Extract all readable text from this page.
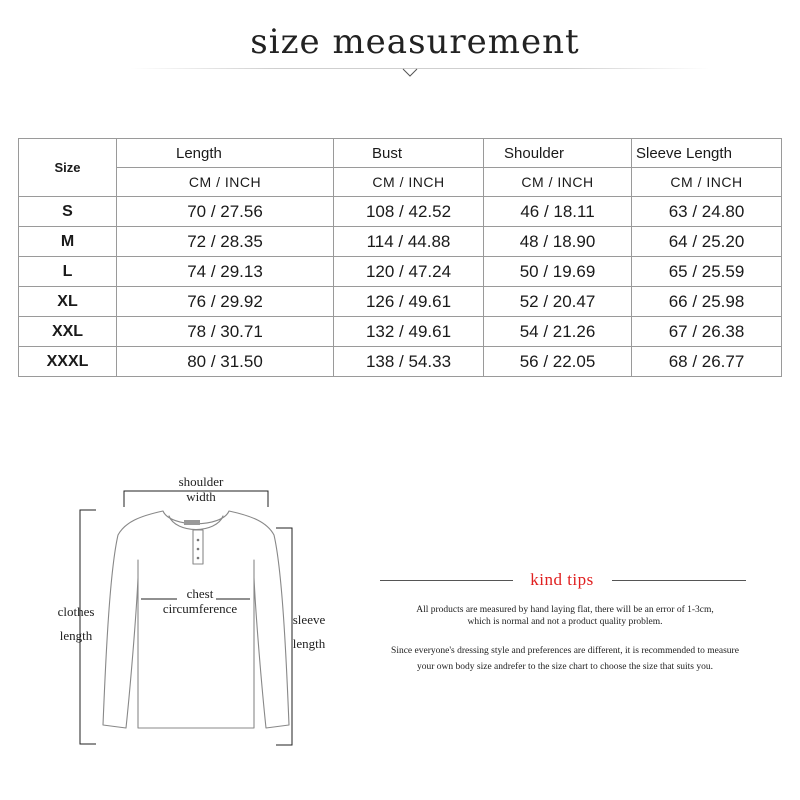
size measurement
Size	Length	Bust	Shoulder	Sleeve Length
	CM / INCH	CM / INCH	CM / INCH	CM / INCH
S	70 / 27.56	108 / 42.52	46 / 18.11	63 / 24.80
M	72 / 28.35	114 / 44.88	48 / 18.90	64 / 25.20
L	74 / 29.13	120 / 47.24	50 / 19.69	65 / 25.59
XL	76 / 29.92	126 / 49.61	52 / 20.47	66 / 25.98
XXL	78 / 30.71	132 / 49.61	54 / 21.26	67 / 26.38
XXXL	80 / 31.50	138 / 54.33	56 / 22.05	68 / 26.77
shoulder
width
chest
circumference
clothes
length
sleeve
length
kind tips
All products are measured by hand laying flat, there will be an error of 1-3cm,
which is normal and not a product quality problem.
Since everyone's dressing style and preferences are different, it is recommended to measure
your own body size andrefer to the size chart to choose the size that suits you.
